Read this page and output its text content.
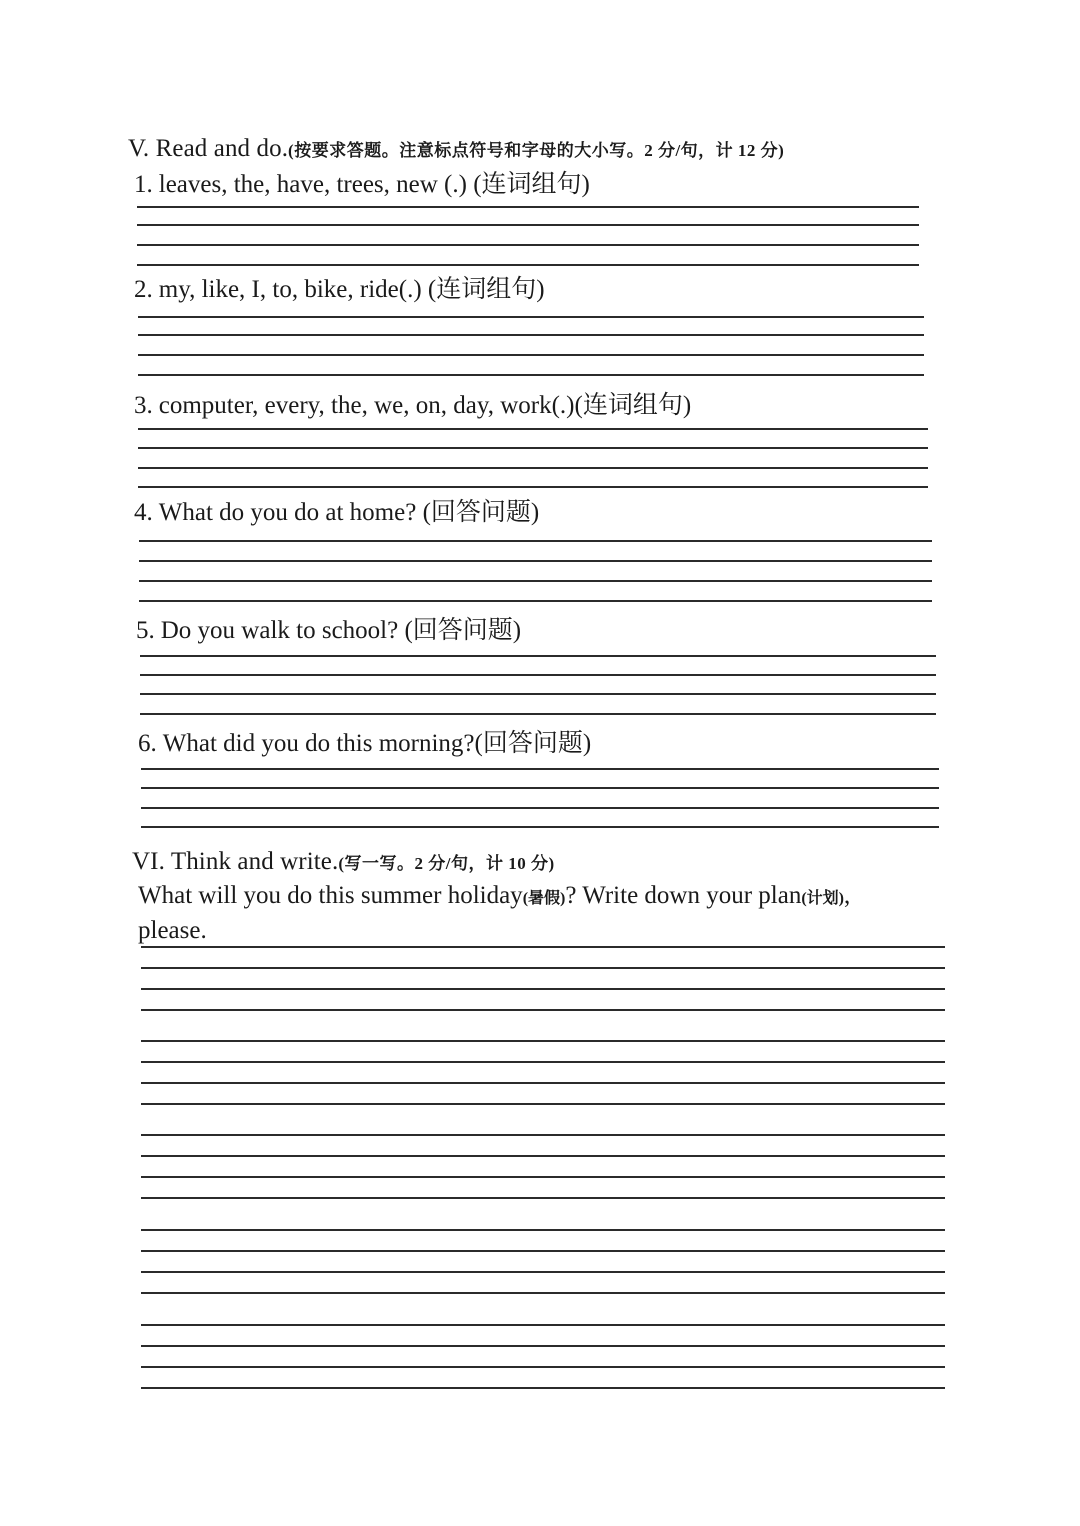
V. Read and do.(按要求答题。注意标点符号和字母的大小写。2 分/句，计 12 分)
1. leaves, the, have, trees, new (.) (连词组句)
2. my, like, I, to, bike, ride(.) (连词组句)
3. computer, every, the, we, on, day, work(.)(连词组句)
4. What do you do at home? (回答问题)
5. Do you walk to school? (回答问题)
6. What did you do this morning?(回答问题)
VI. Think and write.(写一写。2 分/句，计 10 分)
What will you do this summer holiday(暑假)? Write down your plan(计划),
please.
